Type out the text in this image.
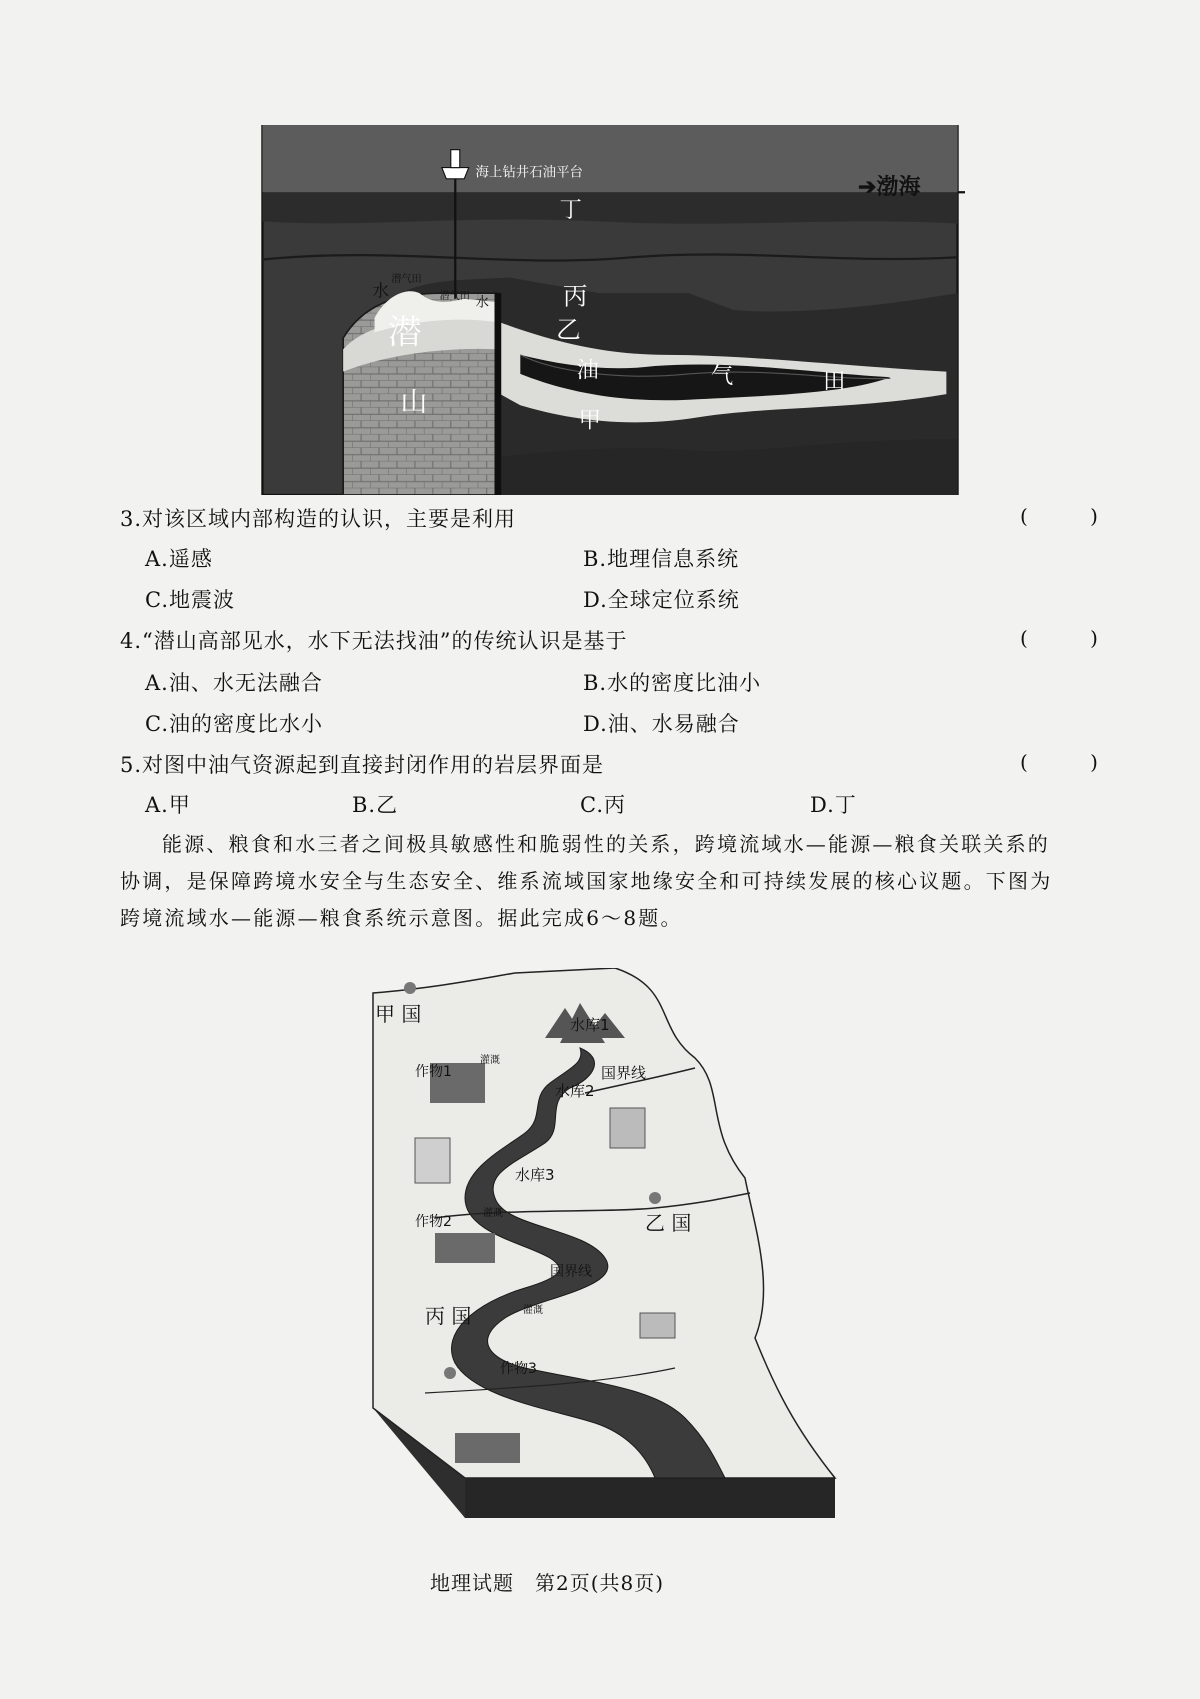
海上钻井石油平台
丁
潜气田
潜气田
水
水
潜
山
丙
乙
油	气	田
甲
➔渤海
3.对该区域内部构造的认识，主要是利用	( )
A.遥感	B.地理信息系统
C.地震波	D.全球定位系统
4.“潜山高部见水，水下无法找油”的传统认识是基于	( )
A.油、水无法融合	B.水的密度比油小
C.油的密度比水小	D.油、水易融合
5.对图中油气资源起到直接封闭作用的岩层界面是	( )
A.甲	B.乙	C.丙	D.丁
能源、粮食和水三者之间极具敏感性和脆弱性的关系，跨境流域水—能源—粮食关联关系的
协调，是保障跨境水安全与生态安全、维系流域国家地缘安全和可持续发展的核心议题。下图为
跨境流域水—能源—粮食系统示意图。据此完成6～8题。
甲 国	水库1
国界线
水库2
作物1
灌溉
水库3
作物2
灌溉	乙 国
国界线
丙 国	灌溉
作物3
地理试题　第2页(共8页)
